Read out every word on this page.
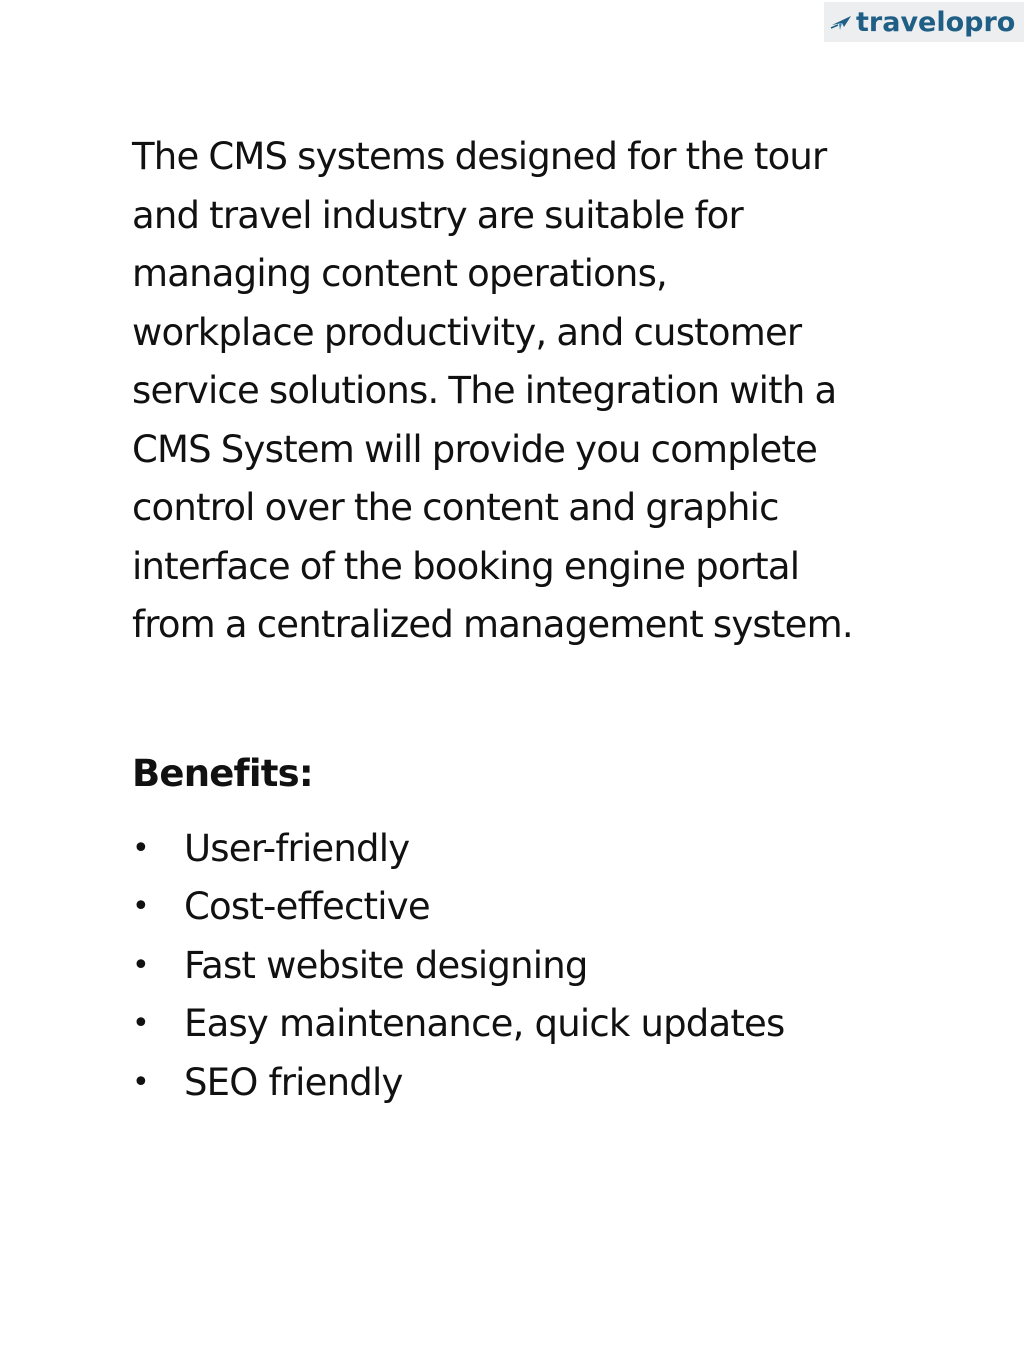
travelopro

The CMS systems designed for the tour
and travel industry are suitable for
managing content operations,
workplace productivity, and customer
service solutions. The integration with a
CMS System will provide you complete
control over the content and graphic
interface of the booking engine portal
from a centralized management system.

Benefits:
• User-friendly
• Cost-effective
• Fast website designing
• Easy maintenance, quick updates
• SEO friendly
